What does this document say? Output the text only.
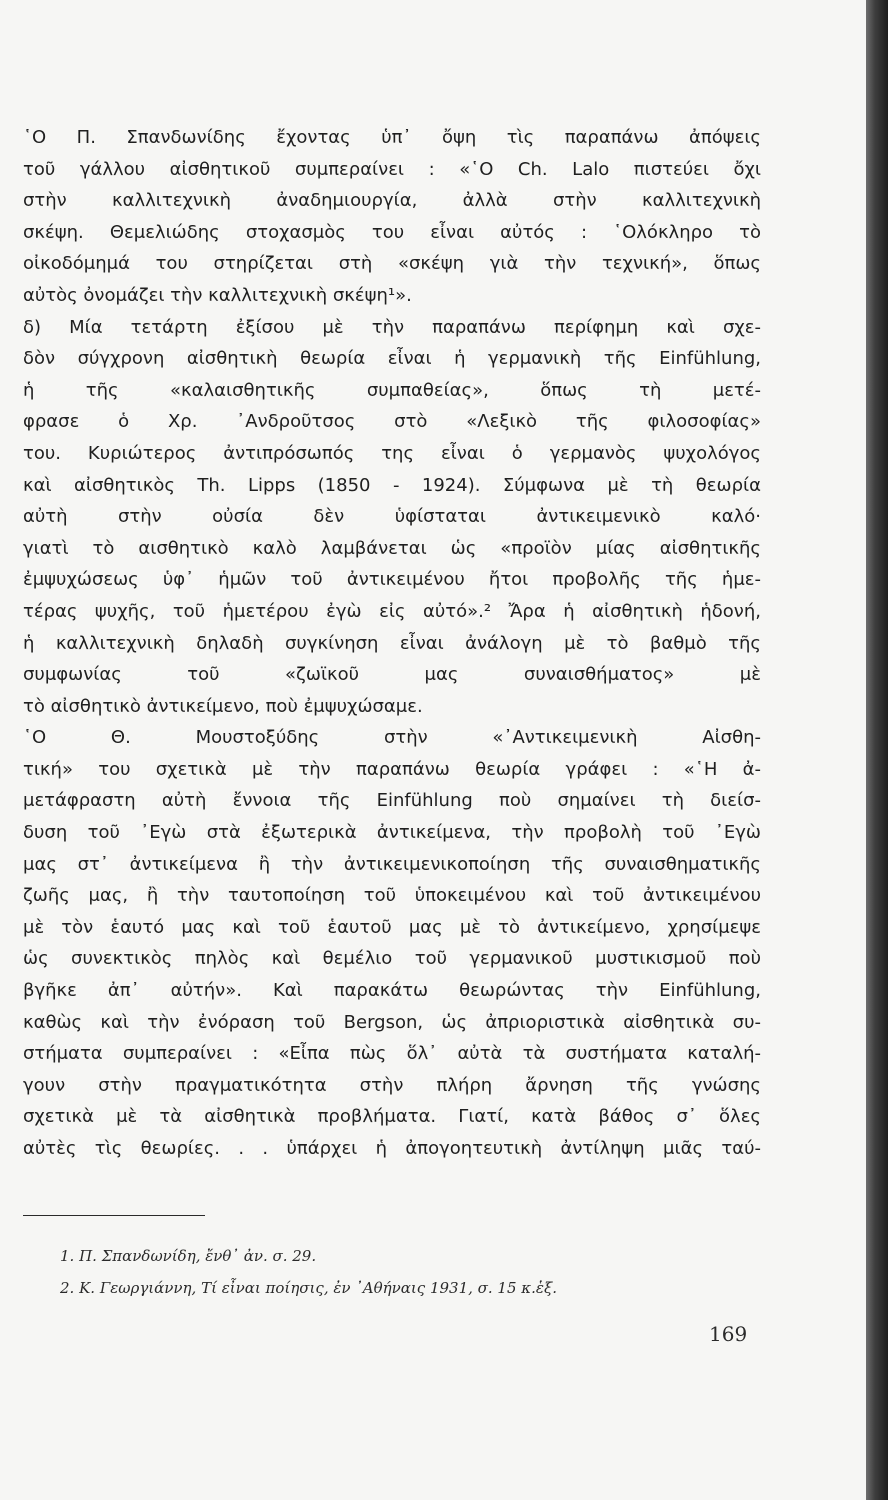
῾Ο Π. Σπανδωνίδης ἔχοντας ὑπ᾿ ὄψη τὶς παραπάνω ἀπόψεις
τοῦ γάλλου αἰσθητικοῦ συμπεραίνει : «῾Ο Ch. Lalo πιστεύει ὄχι
στὴν καλλιτεχνικὴ ἀναδημιουργία, ἀλλὰ στὴν καλλιτεχνικὴ
σκέψη. Θεμελιώδης στοχασμὸς του εἶναι αὐτός : ῾Ολόκληρο τὸ
οἰκοδόμημά του στηρίζεται στὴ «σκέψη γιὰ τὴν τεχνική», ὅπως
αὐτὸς ὀνομάζει τὴν καλλιτεχνικὴ σκέψη¹».
δ) Μία τετάρτη ἐξίσου μὲ τὴν παραπάνω περίφημη καὶ σχε-
δὸν σύγχρονη αἰσθητικὴ θεωρία εἶναι ἡ γερμανικὴ τῆς Einfühlung,
ἡ τῆς «καλαισθητικῆς συμπαθείας», ὅπως τὴ μετέ-
φρασε ὁ Χρ. ᾿Ανδροῦτσος στὸ «Λεξικὸ τῆς φιλοσοφίας»
του. Κυριώτερος ἀντιπρόσωπός της εἶναι ὁ γερμανὸς ψυχολόγος
καὶ αἰσθητικὸς Th. Lipps (1850 - 1924). Σύμφωνα μὲ τὴ θεωρία
αὐτὴ στὴν οὐσία δὲν ὑφίσταται ἀντικειμενικὸ καλό·
γιατὶ τὸ αισθητικὸ καλὸ λαμβάνεται ὡς «προϊὸν μίας αἰσθητικῆς
ἐμψυχώσεως ὑφ᾿ ἡμῶν τοῦ ἀντικειμένου ἤτοι προβολῆς τῆς ἡμε-
τέρας ψυχῆς, τοῦ ἡμετέρου ἐγὼ εἰς αὐτό».² Ἄρα ἡ αἰσθητικὴ ἡδονή,
ἡ καλλιτεχνικὴ δηλαδὴ συγκίνηση εἶναι ἀνάλογη μὲ τὸ βαθμὸ τῆς
συμφωνίας τοῦ «ζωϊκοῦ μας συναισθήματος» μὲ
τὸ αἰσθητικὸ ἀντικείμενο, ποὺ ἐμψυχώσαμε.
῾Ο Θ. Μουστοξύδης στὴν «᾿Αντικειμενικὴ Αἰσθη-
τική» του σχετικὰ μὲ τὴν παραπάνω θεωρία γράφει : «῾Η ἀ-
μετάφραστη αὐτὴ ἔννοια τῆς Einfühlung ποὺ σημαίνει τὴ διείσ-
δυση τοῦ ᾿Εγὼ στὰ ἐξωτερικὰ ἀντικείμενα, τὴν προβολὴ τοῦ ᾿Εγὼ
μας στ᾿ ἀντικείμενα ἢ τὴν ἀντικειμενικοποίηση τῆς συναισθηματικῆς
ζωῆς μας, ἢ τὴν ταυτοποίηση τοῦ ὑποκειμένου καὶ τοῦ ἀντικειμένου
μὲ τὸν ἑαυτό μας καὶ τοῦ ἑαυτοῦ μας μὲ τὸ ἀντικείμενο, χρησίμεψε
ὡς συνεκτικὸς πηλὸς καὶ θεμέλιο τοῦ γερμανικοῦ μυστικισμοῦ ποὺ
βγῆκε ἀπ᾿ αὐτήν». Καὶ παρακάτω θεωρώντας τὴν Einfühlung,
καθὼς καὶ τὴν ἐνόραση τοῦ Bergson, ὡς ἀπριοριστικὰ αἰσθητικὰ συ-
στήματα συμπεραίνει : «Εἶπα πὼς ὅλ᾿ αὐτὰ τὰ συστήματα καταλή-
γουν στὴν πραγματικότητα στὴν πλήρη ἄρνηση τῆς γνώσης
σχετικὰ μὲ τὰ αἰσθητικὰ προβλήματα. Γιατί, κατὰ βάθος σ᾿ ὅλες
αὐτὲς τὶς θεωρίες. . . ὑπάρχει ἡ ἀπογοητευτικὴ ἀντίληψη μιᾶς ταύ-
1. Π. Σπανδωνίδη, ἔνθ᾿ ἀν. σ. 29.
2. Κ. Γεωργιάννη, Τί εἶναι ποίησις, ἐν ᾿Αθήναις 1931, σ. 15 κ.ἑξ.
169
